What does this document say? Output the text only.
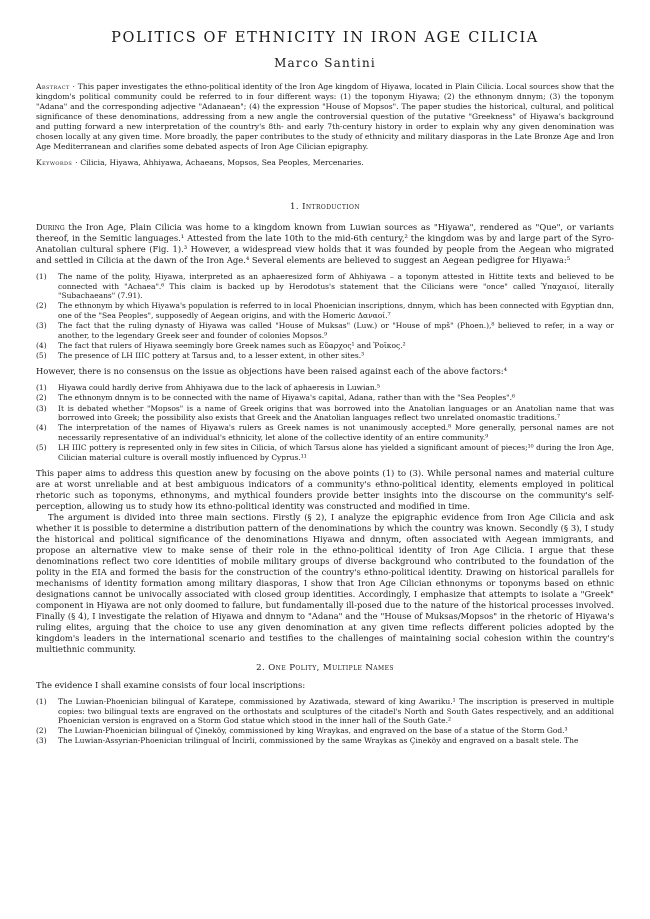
POLITICS OF ETHNICITY IN IRON AGE CILICIA
Marco Santini

Abstract · This paper investigates the ethno-political identity of the Iron Age kingdom of Hiyawa, located in Plain Cilicia. Local sources show that the kingdom's political community could be referred to in four different ways: (1) the toponym Hiyawa; (2) the ethnonym dnnym; (3) the toponym "Adana" and the corresponding adjective "Adanaean"; (4) the expression "House of Mopsos". The paper studies the historical, cultural, and political significance of these denominations, addressing from a new angle the controversial question of the putative "Greekness" of Hiyawa's background and putting forward a new interpretation of the country's 8th- and early 7th-century history in order to explain why any given denomination was chosen locally at any given time. More broadly, the paper contributes to the study of ethnicity and military diasporas in the Late Bronze Age and Iron Age Mediterranean and clarifies some debated aspects of Iron Age Cilician epigraphy.

Keywords · Cilicia, Hiyawa, Ahhiyawa, Achaeans, Mopsos, Sea Peoples, Mercenaries.

1. Introduction

During the Iron Age, Plain Cilicia was home to a kingdom known from Luwian sources as "Hiyawa", rendered as "Que", or variants thereof, in the Semitic languages.¹ Attested from the late 10th to the mid-6th century,² the kingdom was by and large part of the Syro-Anatolian cultural sphere (Fig. 1).³ However, a widespread view holds that it was founded by people from the Aegean who migrated and settled in Cilicia at the dawn of the Iron Age.⁴ Several elements are believed to suggest an Aegean pedigree for Hiyawa:⁵

(1) The name of the polity, Hiyawa, interpreted as an aphaeresized form of Ahhiyawa – a toponym attested in Hittite texts and believed to be connected with "Achaea".⁶ This claim is backed up by Herodotus's statement that the Cilicians were "once" called Ὑπαχαιοί, literally "Subachaeans" (7.91).
(2) The ethnonym by which Hiyawa's population is referred to in local Phoenician inscriptions, dnnym, which has been connected with Egyptian dnn, one of the "Sea Peoples", supposedly of Aegean origins, and with the Homeric Δαναοί.⁷
(3) The fact that the ruling dynasty of Hiyawa was called "House of Muksas" (Luw.) or "House of mpš" (Phoen.),⁸ believed to refer, in a way or another, to the legendary Greek seer and founder of colonies Mopsos.⁹
(4) The fact that rulers of Hiyawa seemingly bore Greek names such as Εὔαρχος¹ and Ῥοῖκος.²
(5) The presence of LH IIIC pottery at Tarsus and, to a lesser extent, in other sites.³

However, there is no consensus on the issue as objections have been raised against each of the above factors:⁴

(1) Hiyawa could hardly derive from Ahhiyawa due to the lack of aphaeresis in Luwian.⁵
(2) The ethnonym dnnym is to be connected with the name of Hiyawa's capital, Adana, rather than with the "Sea Peoples".⁶
(3) It is debated whether "Mopsos" is a name of Greek origins that was borrowed into the Anatolian languages or an Anatolian name that was borrowed into Greek; the possibility also exists that Greek and the Anatolian languages reflect two unrelated onomastic traditions.⁷
(4) The interpretation of the names of Hiyawa's rulers as Greek names is not unanimously accepted.⁸ More generally, personal names are not necessarily representative of an individual's ethnicity, let alone of the collective identity of an entire community.⁹
(5) LH IIIC pottery is represented only in few sites in Cilicia, of which Tarsus alone has yielded a significant amount of pieces;¹⁰ during the Iron Age, Cilician material culture is overall mostly influenced by Cyprus.¹¹

This paper aims to address this question anew by focusing on the above points (1) to (3). While personal names and material culture are at worst unreliable and at best ambiguous indicators of a community's ethno-political identity, elements employed in political rhetoric such as toponyms, ethnonyms, and mythical founders provide better insights into the discourse on the community's self-perception, allowing us to study how its ethno-political identity was constructed and modified in time.

The argument is divided into three main sections. Firstly (§ 2), I analyze the epigraphic evidence from Iron Age Cilicia and ask whether it is possible to determine a distribution pattern of the denominations by which the country was known. Secondly (§ 3), I study the historical and political significance of the denominations Hiyawa and dnnym, often associated with Aegean immigrants, and propose an alternative view to make sense of their role in the ethno-political identity of Iron Age Cilicia. I argue that these denominations reflect two core identities of mobile military groups of diverse background who contributed to the foundation of the polity in the EIA and formed the basis for the construction of the country's ethno-political identity. Drawing on historical parallels for mechanisms of identity formation among military diasporas, I show that Iron Age Cilician ethnonyms or toponyms based on ethnic designations cannot be univocally associated with closed group identities. Accordingly, I emphasize that attempts to isolate a "Greek" component in Hiyawa are not only doomed to failure, but fundamentally ill-posed due to the nature of the historical processes involved. Finally (§ 4), I investigate the relation of Hiyawa and dnnym to "Adana" and the "House of Muksas/Mopsos" in the rhetoric of Hiyawa's ruling elites, arguing that the choice to use any given denomination at any given time reflects different policies adopted by the kingdom's leaders in the international scenario and testifies to the challenges of maintaining social cohesion within the country's multiethnic community.

2. One Polity, Multiple Names

The evidence I shall examine consists of four local inscriptions:

(1) The Luwian-Phoenician bilingual of Karatepe, commissioned by Azatiwada, steward of king Awariku.¹ The inscription is preserved in multiple copies: two bilingual texts are engraved on the orthostats and sculptures of the citadel's North and South Gates respectively, and an additional Phoenician version is engraved on a Storm God statue which stood in the inner hall of the South Gate.²
(2) The Luwian-Phoenician bilingual of Çineköy, commissioned by king Wraykas, and engraved on the base of a statue of the Storm God.³
(3) The Luwian-Assyrian-Phoenician trilingual of İncirli, commissioned by the same Wraykas as Çineköy and engraved on a basalt stele. The
